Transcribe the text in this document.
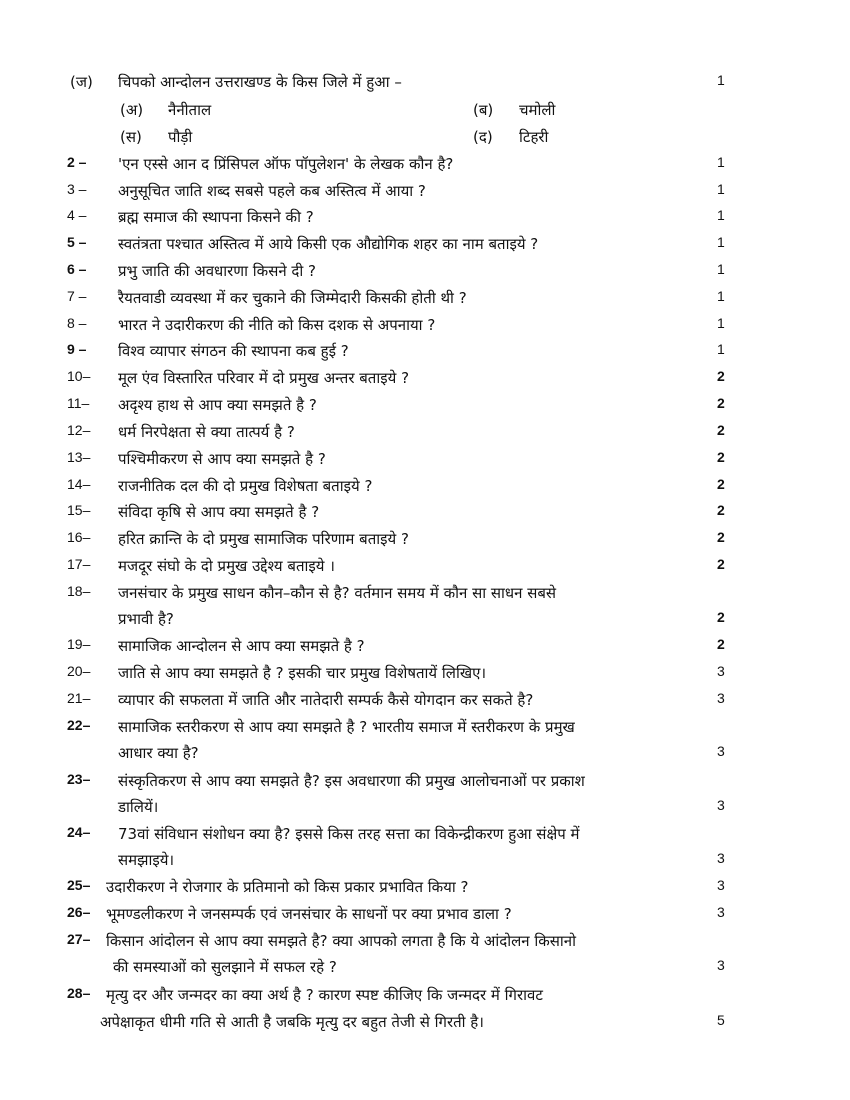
(ज) चिपको आन्दोलन उत्तराखण्ड के किस जिले में हुआ –	1
(अ) नैनीताल	(ब) चमोली
(स) पौड़ी	(द) टिहरी
2 – 'एन एस्से आन द प्रिंसिपल ऑफ पॉपुलेशन' के लेखक कौन है?	1
3 – अनुसूचित जाति शब्द सबसे पहले कब अस्तित्व में आया ?	1
4 – ब्रह्म समाज की स्थापना किसने की ?	1
5 – स्वतंत्रता पश्चात अस्तित्व में आये किसी एक औद्योगिक शहर का नाम बताइये ?	1
6 – प्रभु जाति की अवधारणा किसने दी ?	1
7 – रैयतवाडी व्यवस्था में कर चुकाने की जिम्मेदारी किसकी होती थी ?	1
8 – भारत ने उदारीकरण की नीति को किस दशक से अपनाया ?	1
9 – विश्व व्यापार संगठन की स्थापना कब हुई ?	1
10– मूल एंव विस्तारित परिवार में दो प्रमुख अन्तर बताइये ?	2
11– अदृश्य हाथ से आप क्या समझते है ?	2
12– धर्म निरपेक्षता से क्या तात्पर्य है ?	2
13– पश्चिमीकरण से आप क्या समझते है ?	2
14– राजनीतिक दल की दो प्रमुख विशेषता बताइये ?	2
15– संविदा कृषि से आप क्या समझते है ?	2
16– हरित क्रान्ति के दो प्रमुख सामाजिक परिणाम बताइये ?	2
17– मजदूर संघो के दो प्रमुख उद्देश्य बताइये ।	2
18– जनसंचार के प्रमुख साधन कौन–कौन से है? वर्तमान समय में कौन सा साधन सबसे
प्रभावी है?	2
19– सामाजिक आन्दोलन से आप क्या समझते है ?	2
20– जाति से आप क्या समझते है ? इसकी चार प्रमुख विशेषतायें लिखिए।	3
21– व्यापार की सफलता में जाति और नातेदारी सम्पर्क कैसे योगदान कर सकते है?	3
22– सामाजिक स्तरीकरण से आप क्या समझते है ? भारतीय समाज में स्तरीकरण के प्रमुख
आधार क्या है?	3
23– संस्कृतिकरण से आप क्या समझते है? इस अवधारणा की प्रमुख आलोचनाओं पर प्रकाश
डालियें।	3
24– 73वां संविधान संशोधन क्या है? इससे किस तरह सत्ता का विकेन्द्रीकरण हुआ संक्षेप में
समझाइये।	3
25– उदारीकरण ने रोजगार के प्रतिमानो को किस प्रकार प्रभावित किया ?	3
26– भूमण्डलीकरण ने जनसम्पर्क एवं जनसंचार के साधनों पर क्या प्रभाव डाला ?	3
27– किसान आंदोलन से आप क्या समझते है? क्या आपको लगता है कि ये आंदोलन किसानो
की समस्याओं को सुलझाने में सफल रहे ?	3
28– मृत्यु दर और जन्मदर का क्या अर्थ है ? कारण स्पष्ट कीजिए कि जन्मदर में गिरावट
अपेक्षाकृत धीमी गति से आती है जबकि मृत्यु दर बहुत तेजी से गिरती है।	5
